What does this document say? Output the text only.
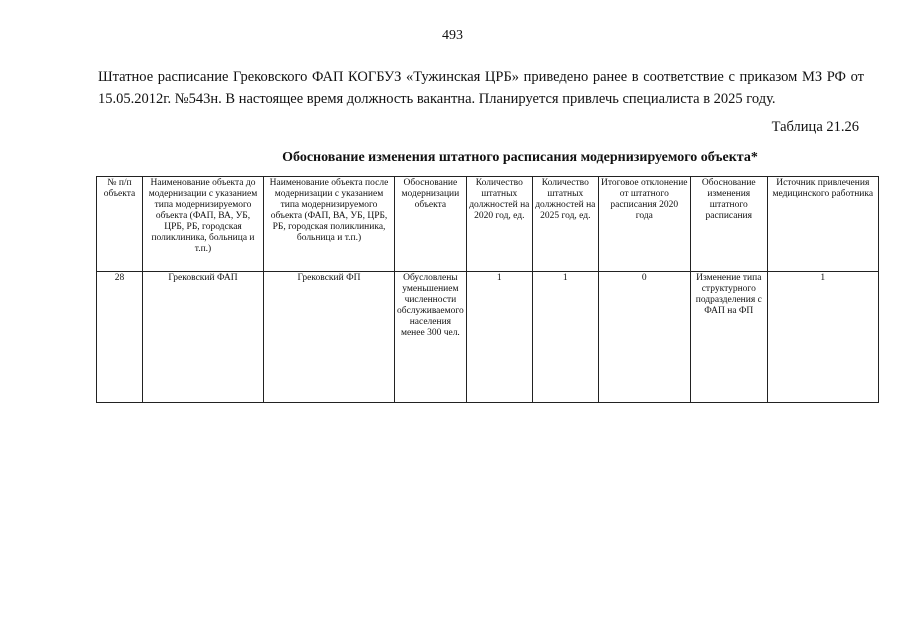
493

Штатное расписание Грековского ФАП КОГБУЗ «Тужинская ЦРБ» приведено ранее в соответствие с приказом МЗ РФ от 15.05.2012г. №543н. В настоящее время должность вакантна. Планируется привлечь специалиста в 2025 году.

Таблица 21.26
Обоснование изменения штатного расписания модернизируемого объекта*
№ п/п объекта	Наименование объекта до модернизации с указанием типа модернизируемого объекта (ФАП, ВА, УБ, ЦРБ, РБ, городская поликлиника, больница и т.п.)	Наименование объекта после модернизации с указанием типа модернизируемого объекта (ФАП, ВА, УБ, ЦРБ, РБ, городская поликлиника, больница и т.п.)	Обоснование модернизации объекта	Количество штатных должностей на 2020 год, ед.	Количество штатных должностей на 2025 год, ед.	Итоговое отклонение от штатного расписания 2020 года	Обоснование изменения штатного расписания	Источник привлечения медицинского работника
28	Грековский ФАП	Грековский ФП	Обусловлены уменьшением численности обслуживаемого населения менее 300 чел.	1	1	0	Изменение типа структурного подразделения с ФАП на ФП	1
